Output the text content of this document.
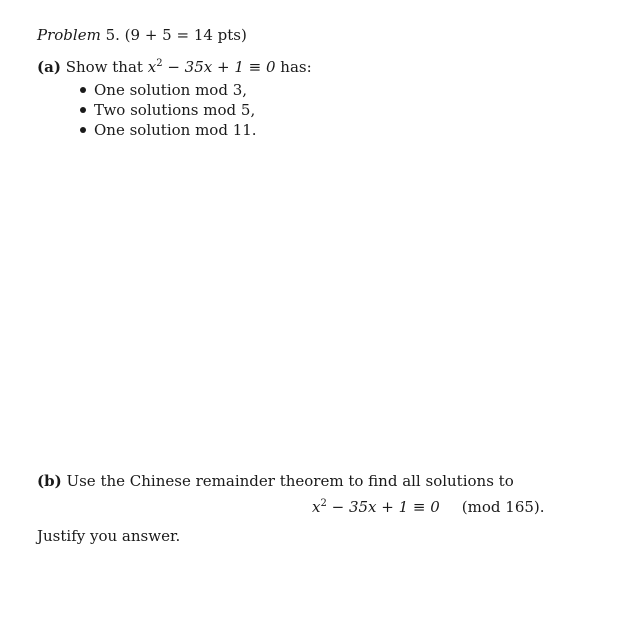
Problem 5. (9 + 5 = 14 pts)
(a) Show that $x^2 - 35x + 1 \equiv 0$ has:
One solution mod 3,
Two solutions mod 5,
One solution mod 11.
(b) Use the Chinese remainder theorem to find all solutions to
$x^2 - 35x + 1 \equiv 0$ (mod 165).
Justify you answer.
